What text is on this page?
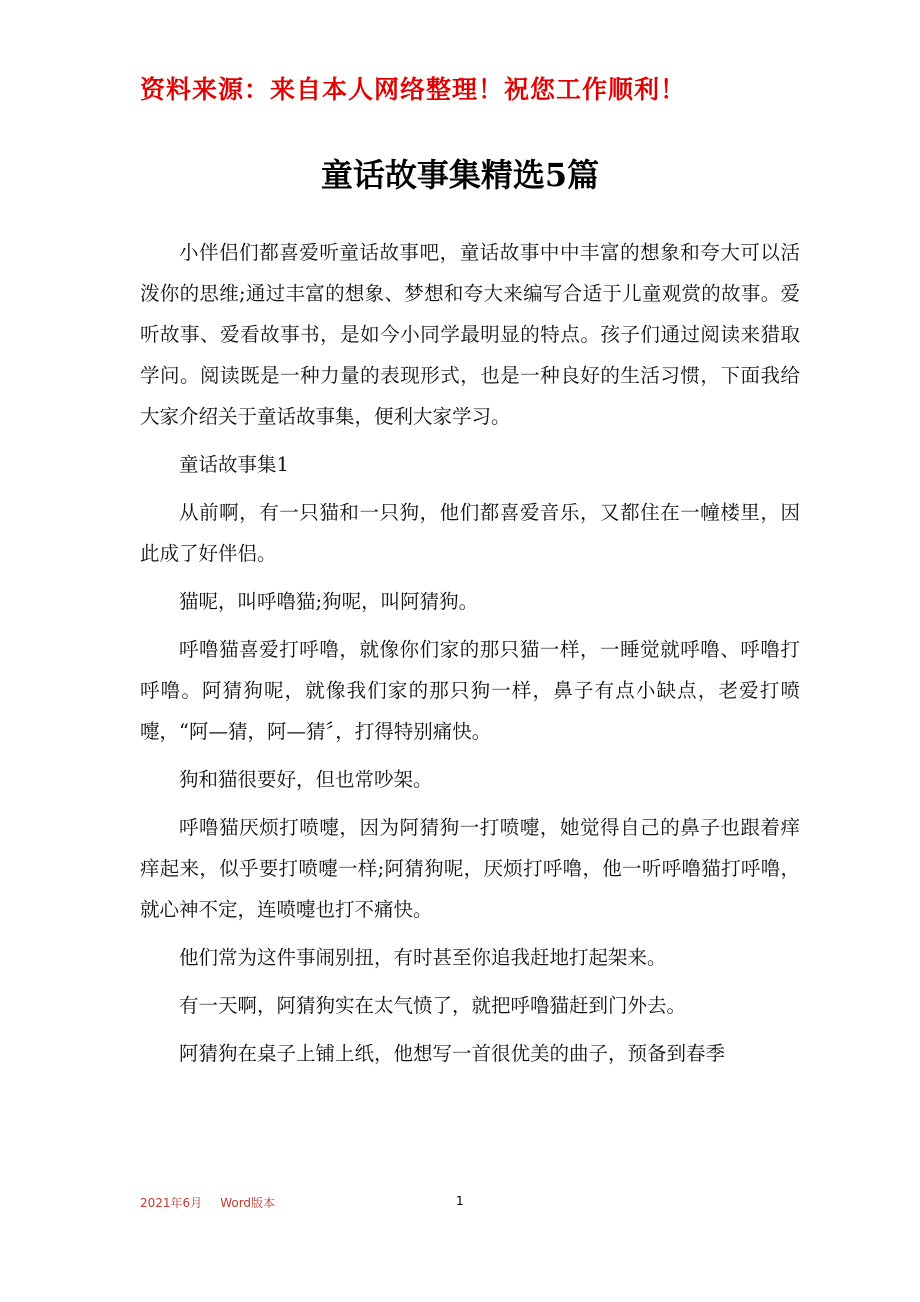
资料来源：来自本人网络整理！祝您工作顺利！
童话故事集精选5篇

小伴侣们都喜爱听童话故事吧，童话故事中中丰富的想象和夸大可以活泼你的思维;通过丰富的想象、梦想和夸大来编写合适于儿童观赏的故事。爱听故事、爱看故事书，是如今小同学最明显的特点。孩子们通过阅读来猎取学问。阅读既是一种力量的表现形式，也是一种良好的生活习惯，下面我给大家介绍关于童话故事集，便利大家学习。

童话故事集1

从前啊，有一只猫和一只狗，他们都喜爱音乐，又都住在一幢楼里，因此成了好伴侣。

猫呢，叫呼噜猫;狗呢，叫阿猜狗。

呼噜猫喜爱打呼噜，就像你们家的那只猫一样，一睡觉就呼噜、呼噜打呼噜。阿猜狗呢，就像我们家的那只狗一样，鼻子有点小缺点，老爱打喷嚏，“阿—猜，阿—猜〞，打得特别痛快。

狗和猫很要好，但也常吵架。

呼噜猫厌烦打喷嚏，因为阿猜狗一打喷嚏，她觉得自己的鼻子也跟着痒痒起来，似乎要打喷嚏一样;阿猜狗呢，厌烦打呼噜，他一听呼噜猫打呼噜，就心神不定，连喷嚏也打不痛快。

他们常为这件事闹别扭，有时甚至你追我赶地打起架来。

有一天啊，阿猜狗实在太气愤了，就把呼噜猫赶到门外去。

阿猜狗在桌子上铺上纸，他想写一首很优美的曲子，预备到春季

2021年6月 Word版本	1
